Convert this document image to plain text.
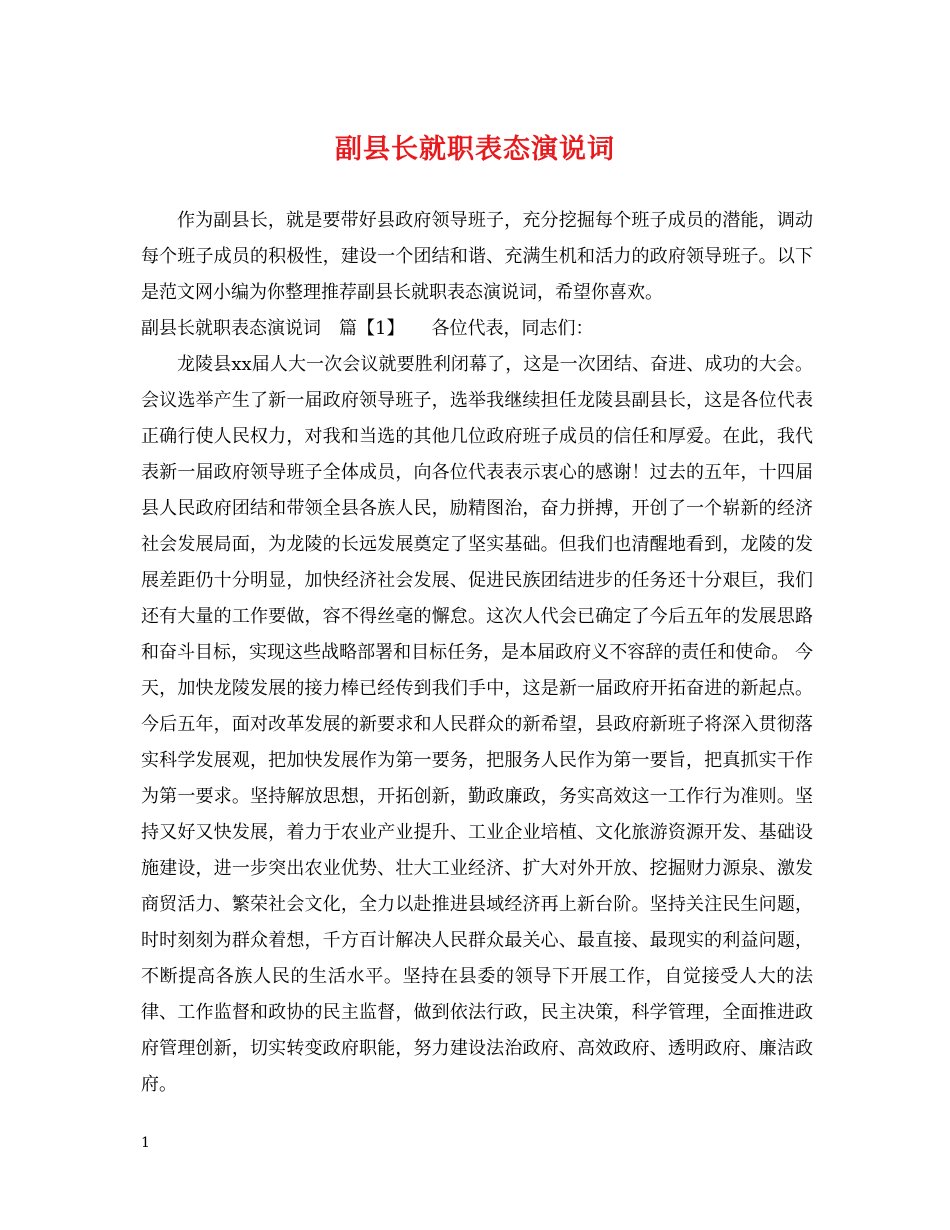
副县长就职表态演说词

作为副县长，就是要带好县政府领导班子，充分挖掘每个班子成员的潜能，调动每个班子成员的积极性，建设一个团结和谐、充满生机和活力的政府领导班子。以下是范文网小编为你整理推荐副县长就职表态演说词，希望你喜欢。

副县长就职表态演说词　篇【1】　　各位代表，同志们：

龙陵县xx届人大一次会议就要胜利闭幕了，这是一次团结、奋进、成功的大会。会议选举产生了新一届政府领导班子，选举我继续担任龙陵县副县长，这是各位代表正确行使人民权力，对我和当选的其他几位政府班子成员的信任和厚爱。在此，我代表新一届政府领导班子全体成员，向各位代表表示衷心的感谢！过去的五年，十四届县人民政府团结和带领全县各族人民，励精图治，奋力拼搏，开创了一个崭新的经济社会发展局面，为龙陵的长远发展奠定了坚实基础。但我们也清醒地看到，龙陵的发展差距仍十分明显，加快经济社会发展、促进民族团结进步的任务还十分艰巨，我们还有大量的工作要做，容不得丝毫的懈怠。这次人代会已确定了今后五年的发展思路和奋斗目标，实现这些战略部署和目标任务，是本届政府义不容辞的责任和使命。 今天，加快龙陵发展的接力棒已经传到我们手中，这是新一届政府开拓奋进的新起点。今后五年，面对改革发展的新要求和人民群众的新希望，县政府新班子将深入贯彻落实科学发展观，把加快发展作为第一要务，把服务人民作为第一要旨，把真抓实干作为第一要求。坚持解放思想，开拓创新，勤政廉政，务实高效这一工作行为准则。坚持又好又快发展，着力于农业产业提升、工业企业培植、文化旅游资源开发、基础设施建设，进一步突出农业优势、壮大工业经济、扩大对外开放、挖掘财力源泉、激发商贸活力、繁荣社会文化，全力以赴推进县域经济再上新台阶。坚持关注民生问题，时时刻刻为群众着想，千方百计解决人民群众最关心、最直接、最现实的利益问题，不断提高各族人民的生活水平。坚持在县委的领导下开展工作，自觉接受人大的法律、工作监督和政协的民主监督，做到依法行政，民主决策，科学管理，全面推进政府管理创新，切实转变政府职能，努力建设法治政府、高效政府、透明政府、廉洁政府。

1
